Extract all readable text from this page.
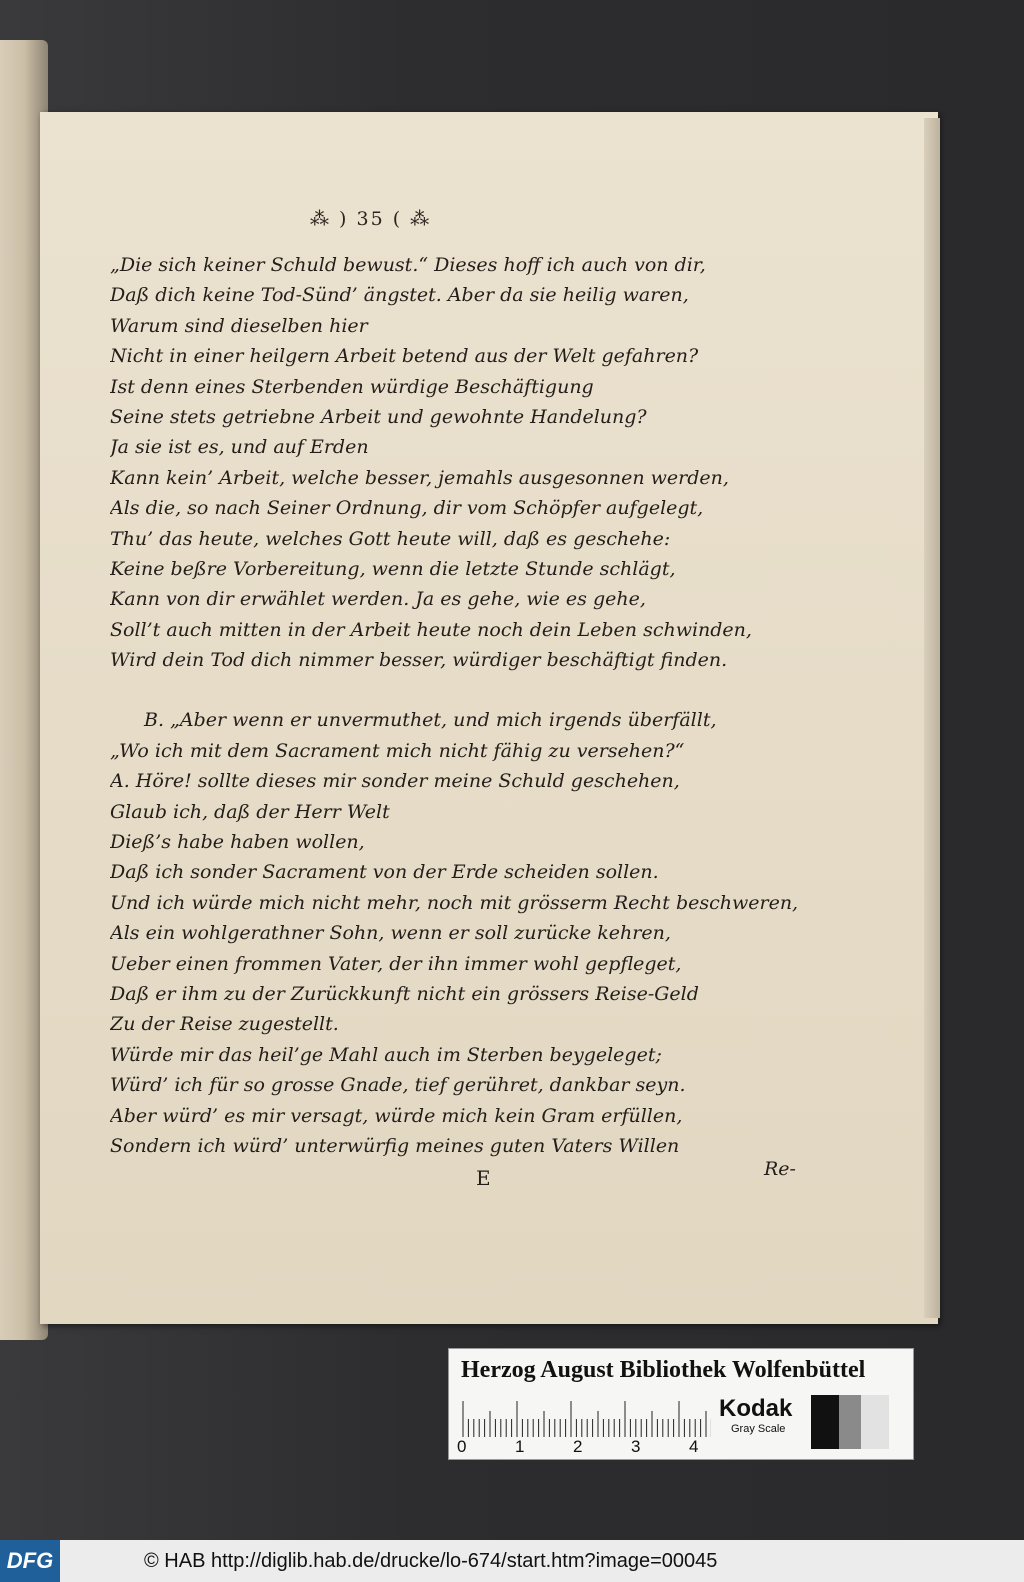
⁂ ) 35 ( ⁂
„Die sich keiner Schuld bewust.“ Dieses hoff ich auch von dir,
Daß dich keine Tod-Sünd’ ängstet. Aber da sie heilig waren,
Warum sind dieselben hier
Nicht in einer heilgern Arbeit betend aus der Welt gefahren?
Ist denn eines Sterbenden würdige Beschäftigung
Seine stets getriebne Arbeit und gewohnte Handelung?
Ja sie ist es, und auf Erden
Kann kein’ Arbeit, welche besser, jemahls ausgesonnen werden,
Als die, so nach Seiner Ordnung, dir vom Schöpfer aufgelegt,
Thu’ das heute, welches Gott heute will, daß es geschehe:
Keine beßre Vorbereitung, wenn die letzte Stunde schlägt,
Kann von dir erwählet werden. Ja es gehe, wie es gehe,
Soll’t auch mitten in der Arbeit heute noch dein Leben schwinden,
Wird dein Tod dich nimmer besser, würdiger beschäftigt finden.
B. „Aber wenn er unvermuthet, und mich irgends überfällt,
„Wo ich mit dem Sacrament mich nicht fähig zu versehen?“
A. Höre! sollte dieses mir sonder meine Schuld geschehen,
Glaub ich, daß der Herr Welt
Dieß’s habe haben wollen,
Daß ich sonder Sacrament von der Erde scheiden sollen.
Und ich würde mich nicht mehr, noch mit grösserm Recht beschweren,
Als ein wohlgerathner Sohn, wenn er soll zurücke kehren,
Ueber einen frommen Vater, der ihn immer wohl gepfleget,
Daß er ihm zu der Zurückkunft nicht ein grössers Reise-Geld
Zu der Reise zugestellt.
Würde mir das heil’ge Mahl auch im Sterben beygeleget;
Würd’ ich für so grosse Gnade, tief gerühret, dankbar seyn.
Aber würd’ es mir versagt, würde mich kein Gram erfüllen,
Sondern ich würd’ unterwürfig meines guten Vaters Willen
E	Re-
Herzog August Bibliothek Wolfenbüttel
0	1	2	3	4
Kodak
Gray Scale
DFG	© HAB http://diglib.hab.de/drucke/lo-674/start.htm?image=00045
